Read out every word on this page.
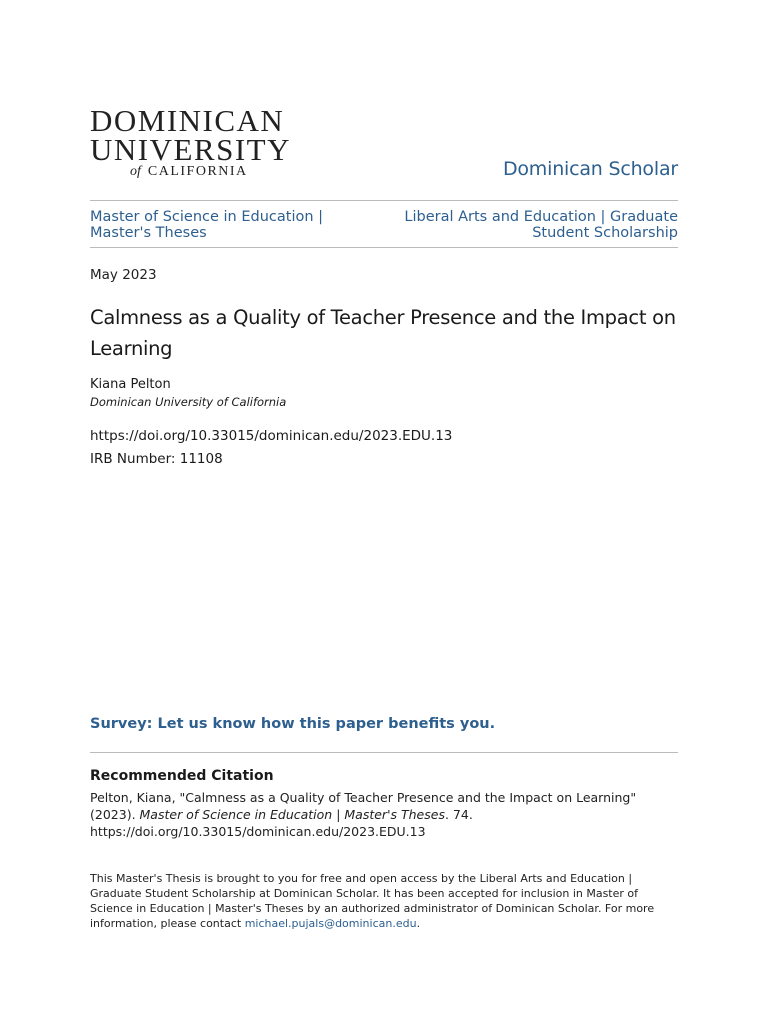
DOMINICAN
UNIVERSITY
of CALIFORNIA	Dominican Scholar
Master of Science in Education | Master's Theses
Liberal Arts and Education | Graduate Student Scholarship
May 2023
Calmness as a Quality of Teacher Presence and the Impact on Learning
Kiana Pelton
Dominican University of California
https://doi.org/10.33015/dominican.edu/2023.EDU.13
IRB Number: 11108
Survey: Let us know how this paper benefits you.
Recommended Citation
Pelton, Kiana, "Calmness as a Quality of Teacher Presence and the Impact on Learning" (2023). Master of Science in Education | Master's Theses. 74.
https://doi.org/10.33015/dominican.edu/2023.EDU.13
This Master's Thesis is brought to you for free and open access by the Liberal Arts and Education | Graduate Student Scholarship at Dominican Scholar. It has been accepted for inclusion in Master of Science in Education | Master's Theses by an authorized administrator of Dominican Scholar. For more information, please contact michael.pujals@dominican.edu.
